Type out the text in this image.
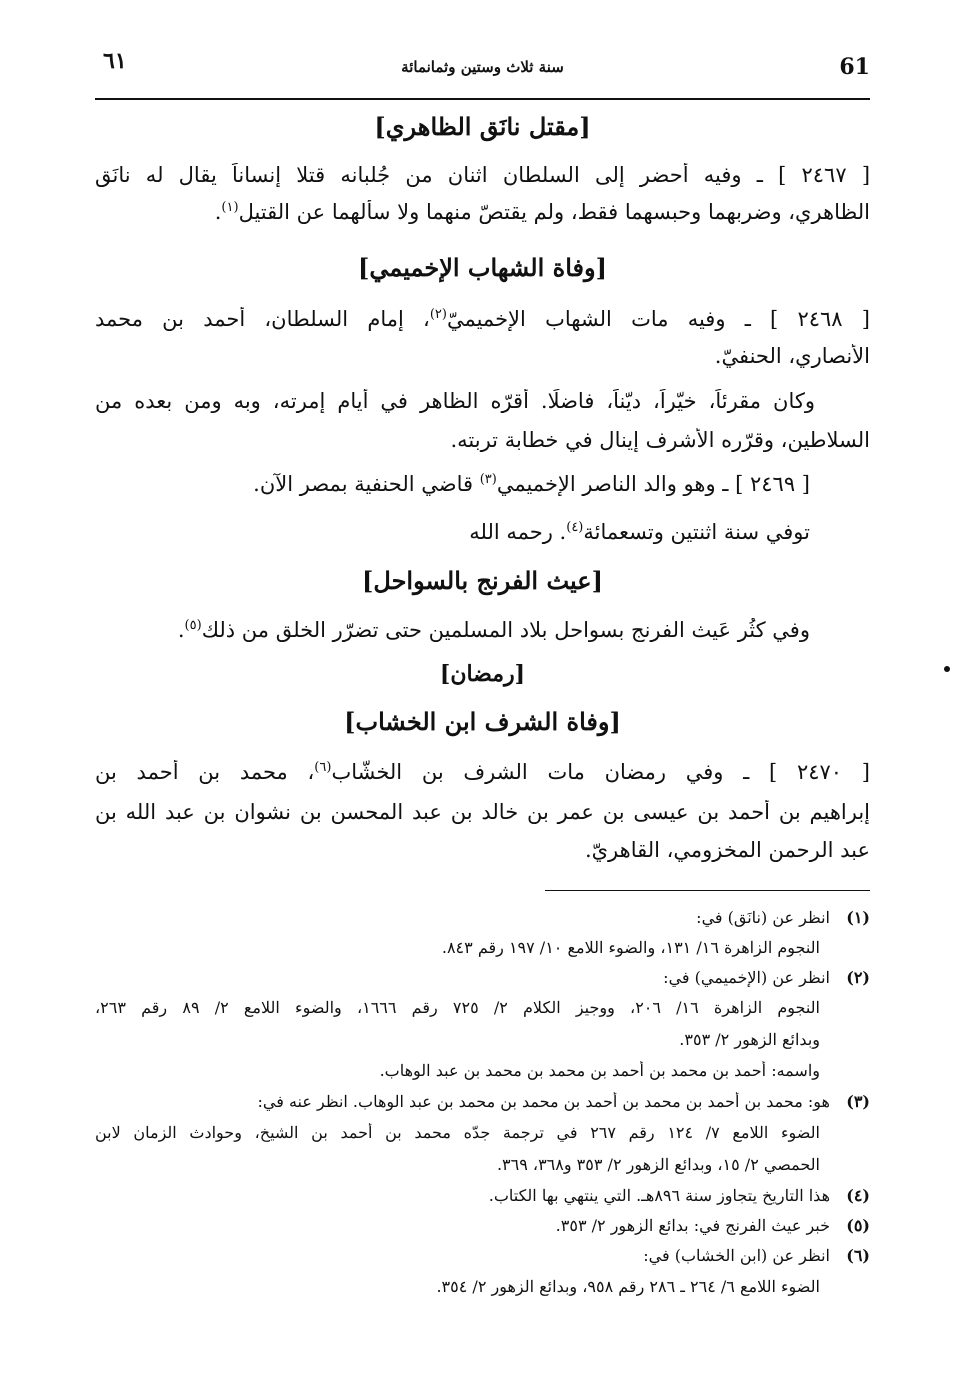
٦١	سنة ثلاث وستين وثمانمائة	61
[مقتل نانَق الظاهري]
[ ٢٤٦٧ ] ـ وفيه أُحضر إلى السلطان اثنان من جُلبانه قتلا إنساناً يقال له نانَق
الظاهري، وضربهما وحبسهما فقط، ولم يقتصّ منهما ولا سألهما عن القتيل$^{(١)}$.
[وفاة الشهاب الإخميمي]
[ ٢٤٦٨ ] ـ وفيه مات الشهاب الإخميميّ$^{(٢)}$، إمام السلطان، أحمد بن محمد
الأنصاري، الحنفيّ.
وكان مقرئاً، خيّراً، ديّناً، فاضلًا. أقرّه الظاهر في أيام إمرته، وبه ومن بعده من
السلاطين، وقرّره الأشرف إينال في خطابة تربته.
[ ٢٤٦٩ ] ـ وهو والد الناصر الإخميمي$^{(٣)}$ قاضي الحنفية بمصر الآن.
توفي سنة اثنتين وتسعمائة$^{(٤)}$. رحمه الله
[عيث الفرنج بالسواحل]
وفي كثُر عَيث الفرنج بسواحل بلاد المسلمين حتى تضرّر الخلق من ذلك$^{(٥)}$.
[رمضان]
[وفاة الشرف ابن الخشاب]
[ ٢٤٧٠ ] ـ وفي رمضان مات الشرف بن الخشّاب$^{(٦)}$، محمد بن أحمد بن
إبراهيم بن أحمد بن عيسى بن عمر بن خالد بن عبد المحسن بن نشوان بن عبد الله بن
عبد الرحمن المخزومي، القاهريّ.
(١)انظر عن (نانَق) في:
النجوم الزاهرة ١٦/ ١٣١، والضوء اللامع ١٠/ ١٩٧ رقم ٨٤٣.
(٢)انظر عن (الإخميمي) في:
النجوم الزاهرة ١٦/ ٢٠٦، ووجيز الكلام ٢/ ٧٢٥ رقم ١٦٦٦، والضوء اللامع ٢/ ٨٩ رقم ٢٦٣،
وبدائع الزهور ٢/ ٣٥٣.
واسمه: أحمد بن محمد بن أحمد بن محمد بن محمد بن عبد الوهاب.
(٣)هو: محمد بن أحمد بن محمد بن أحمد بن محمد بن محمد بن عبد الوهاب. انظر عنه في:
الضوء اللامع ٧/ ١٢٤ رقم ٢٦٧ في ترجمة جدّه محمد بن أحمد بن الشيخ، وحوادث الزمان لابن
الحمصي ٢/ ١٥، وبدائع الزهور ٢/ ٣٥٣ و٣٦٨، ٣٦٩.
(٤)هذا التاريخ يتجاوز سنة ٨٩٦هـ. التي ينتهي بها الكتاب.
(٥)خبر عيث الفرنج في: بدائع الزهور ٢/ ٣٥٣.
(٦)انظر عن (ابن الخشاب) في:
الضوء اللامع ٦/ ٢٦٤ ـ ٢٨٦ رقم ٩٥٨، وبدائع الزهور ٢/ ٣٥٤.
